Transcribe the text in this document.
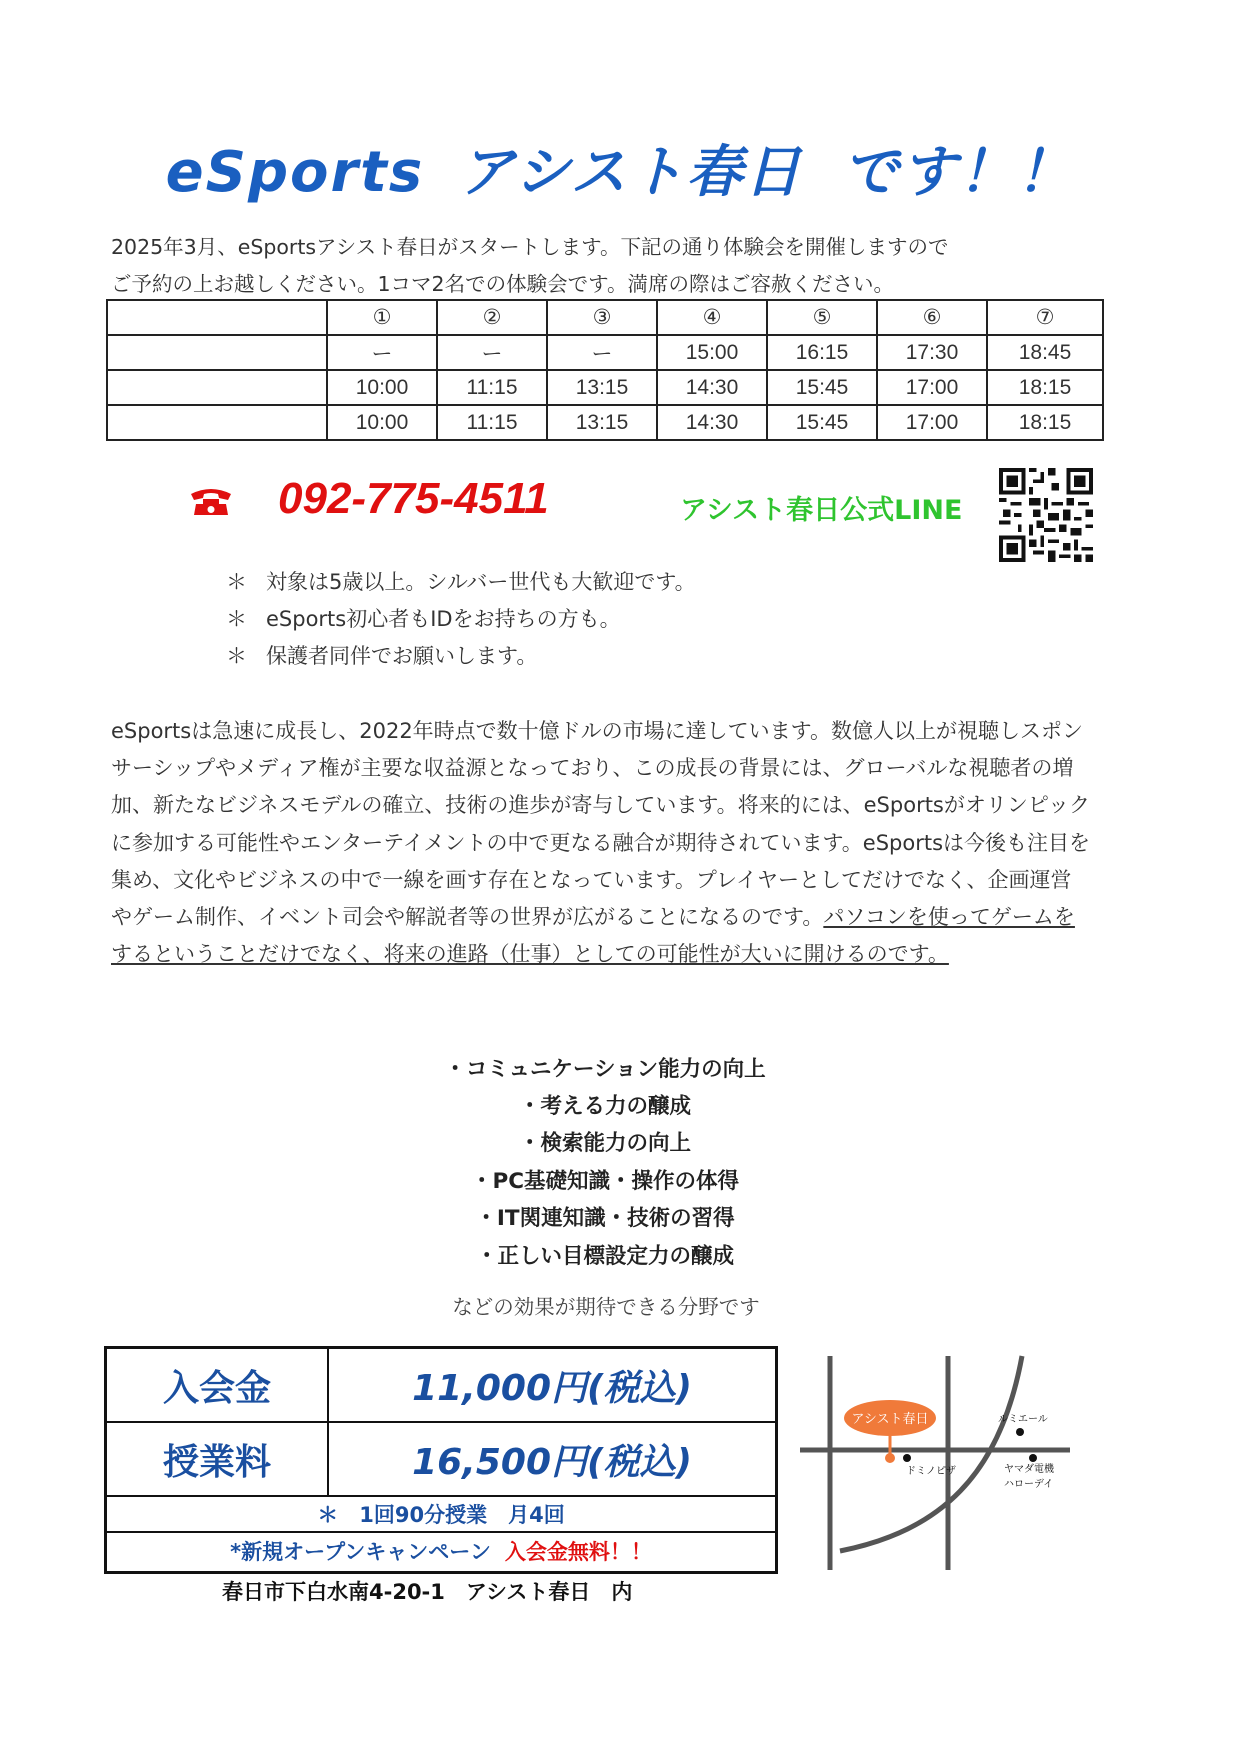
eSports アシスト春日 です！！
2025年3月、eSportsアシスト春日がスタートします。下記の通り体験会を開催しますので
ご予約の上お越しください。1コマ2名での体験会です。満席の際はご容赦ください。
	①	②	③	④	⑤	⑥	⑦
	ー	ー	ー	15:00	16:15	17:30	18:45
	10:00	11:15	13:15	14:30	15:45	17:00	18:15
	10:00	11:15	13:15	14:30	15:45	17:00	18:15
092-775-4511	アシスト春日公式LINE
＊ 対象は5歳以上。シルバー世代も大歓迎です。
＊ eSports初心者もIDをお持ちの方も。
＊ 保護者同伴でお願いします。
eSportsは急速に成長し、2022年時点で数十億ドルの市場に達しています。数億人以上が視聴しスポンサーシップやメディア権が主要な収益源となっており、この成長の背景には、グローバルな視聴者の増加、新たなビジネスモデルの確立、技術の進歩が寄与しています。将来的には、eSportsがオリンピックに参加する可能性やエンターテイメントの中で更なる融合が期待されています。eSportsは今後も注目を集め、文化やビジネスの中で一線を画す存在となっています。プレイヤーとしてだけでなく、企画運営やゲーム制作、イベント司会や解説者等の世界が広がることになるのです。パソコンを使ってゲームをするということだけでなく、将来の進路（仕事）としての可能性が大いに開けるのです。
・コミュニケーション能力の向上
・考える力の醸成
・検索能力の向上
・PC基礎知識・操作の体得
・IT関連知識・技術の習得
・正しい目標設定力の醸成
などの効果が期待できる分野です
入会金	11,000円(税込)
授業料	16,500円(税込)
＊　1回90分授業　月4回
*新規オープンキャンペーン 入会金無料！！
春日市下白水南4-20-1　アシスト春日　内
アシスト春日
ドミノピザ
ルミエール
ヤマダ電機
ハローデイ
